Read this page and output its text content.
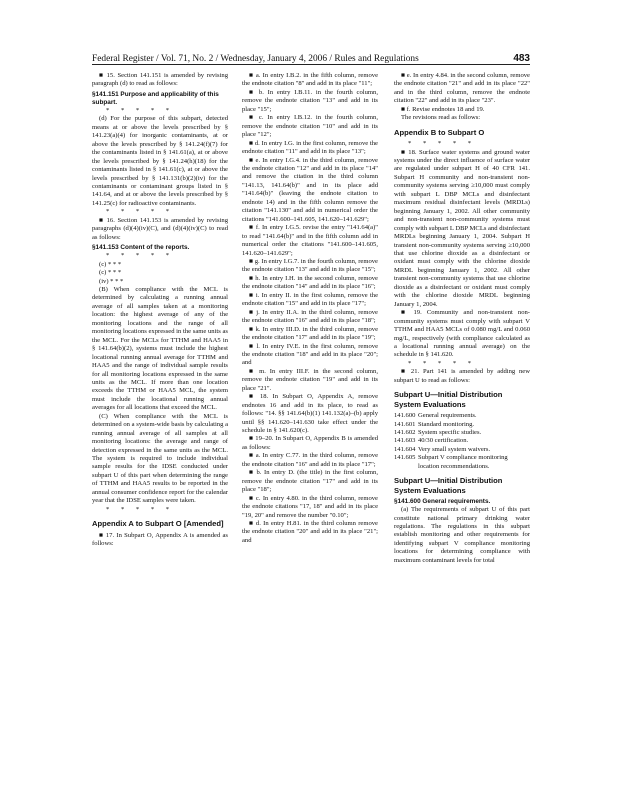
Federal Register / Vol. 71, No. 2 / Wednesday, January 4, 2006 / Rules and Regulations	483

■ 15. Section 141.151 is amended by revising paragraph (d) to read as follows:

§141.151 Purpose and applicability of this subpart.

* * * * *

(d) For the purpose of this subpart, detected means at or above the levels prescribed by § 141.23(a)(4) for inorganic contaminants, at or above the levels prescribed by § 141.24(f)(7) for the contaminants listed in § 141.61(a), at or above the levels prescribed by § 141.24(h)(18) for the contaminants listed in § 141.61(c), at or above the levels prescribed by § 141.131(b)(2)(iv) for the contaminants or contaminant groups listed in § 141.64, and at or above the levels prescribed by § 141.25(c) for radioactive contaminants.

* * * * *

■ 16. Section 141.153 is amended by revising paragraphs (d)(4)(iv)(C), and (d)(4)(iv)(C) to read as follows:

§141.153 Content of the reports.

* * * * *

(c) * * *

(c) * * *

(iv) * * *

(B) When compliance with the MCL is determined by calculating a running annual average of all samples taken at a monitoring location: the highest average of any of the monitoring locations and the range of all monitoring locations expressed in the same units as the MCL. For the MCLs for TTHM and HAA5 in § 141.64(b)(2), systems must include the highest locational running annual average for TTHM and HAA5 and the range of individual sample results for all monitoring locations expressed in the same units as the MCL. If more than one location exceeds the TTHM or HAA5 MCL, the system must include the locational running annual averages for all locations that exceed the MCL.

(C) When compliance with the MCL is determined on a system-wide basis by calculating a running annual average of all samples at all monitoring locations: the average and range of detection expressed in the same units as the MCL. The system is required to include individual sample results for the IDSE conducted under subpart U of this part when determining the range of TTHM and HAA5 results to be reported in the annual consumer confidence report for the calendar year that the IDSE samples were taken.

* * * * *

Appendix A to Subpart O [Amended]

■ 17. In Subpart O, Appendix A is amended as follows:

■ a. In entry I.B.2. in the fifth column, remove the endnote citation "8" and add in its place "11";

■ b. In entry I.B.11. in the fourth column, remove the endnote citation "13" and add in its place "15";

■ c. In entry I.B.12. in the fourth column, remove the endnote citation "10" and add in its place "12";

■ d. In entry I.G. in the first column, remove the endnote citation "11" and add in its place "13";

■ e. In entry I.G.4. in the third column, remove the endnote citation "12" and add in its place "14" and remove the citation in the third column "141.13, 141.64(b)" and in its place add "141.64(b)" (leaving the endnote citation to endnote 14) and in the fifth column remove the citation "141.130" and add in numerical order the citations "141.600–141.605, 141.620–141.629";

■ f. In entry I.G.5. revise the entry "141.64(a)" to read "141.64(b)" and in the fifth column add in numerical order the citations "141.600–141.605, 141.620–141.629";

■ g. In entry I.G.7. in the fourth column, remove the endnote citation "13" and add in its place "15";

■ h. In entry I.H. in the second column, remove the endnote citation "14" and add in its place "16";

■ i. In entry II. in the first column, remove the endnote citation "15" and add in its place "17";

■ j. In entry II.A. in the third column, remove the endnote citation "16" and add in its place "18";

■ k. In entry III.D. in the third column, remove the endnote citation "17" and add in its place "19";

■ l. In entry IV.E. in the first column, remove the endnote citation "18" and add in its place "20"; and

■ m. In entry III.F. in the second column, remove the endnote citation "19" and add in its place "21".

■ 18. In Subpart O, Appendix A, remove endnotes 16 and add in its place, to read as follows: "14. §§ 141.64(b)(1) 141.132(a)–(b) apply until §§ 141.620–141.630 take effect under the schedule in § 141.620(c).

■ 19–20. In Subpart O, Appendix B is amended as follows:

■ a. In entry C.77. in the third column, remove the endnote citation "16" and add in its place "17";

■ b. In entry D. (the title) in the first column, remove the endnote citation "17" and add in its place "18";

■ c. In entry 4.80. in the third column, remove the endnote citations "17, 18" and add in its place "19, 20" and remove the number "0.10";

■ d. In entry H.81. in the third column remove the endnote citation "20" and add in its place "21"; and

■ e. In entry 4.84. in the second column, remove the endnote citation "21" and add in its place "22" and in the third column, remove the endnote citation "22" and add in its place "23".

■ f. Revise endnotes 18 and 19.

The revisions read as follows:

Appendix B to Subpart O

* * * * *

■ 18. Surface water systems and ground water systems under the direct influence of surface water are regulated under subpart H of 40 CFR 141. Subpart H community and non-transient non-community systems serving ≥10,000 must comply with subpart L DBP MCLs and disinfectant maximum residual disinfectant levels (MRDLs) beginning January 1, 2002. All other community and non-transient non-community systems must comply with subpart L DBP MCLs and disinfectant MRDLs beginning January 1, 2004. Subpart H transient non-community systems serving ≥10,000 that use chlorine dioxide as a disinfectant or oxidant must comply with the chlorine dioxide MRDL beginning January 1, 2002. All other transient non-community systems that use chlorine dioxide as a disinfectant or oxidant must comply with the chlorine dioxide MRDL beginning January 1, 2004.

■ 19. Community and non-transient non-community systems must comply with subpart V TTHM and HAA5 MCLs of 0.080 mg/L and 0.060 mg/L, respectively (with compliance calculated as a locational running annual average) on the schedule in § 141.620.

* * * * *

■ 21. Part 141 is amended by adding new subpart U to read as follows:

Subpart U—Initial Distribution System Evaluations

141.600 General requirements.
141.601 Standard monitoring.
141.602 System specific studies.
141.603 40/30 certification.
141.604 Very small system waivers.
141.605 Subpart V compliance monitoring location recommendations.

Subpart U—Initial Distribution System Evaluations

§141.600 General requirements.

(a) The requirements of subpart U of this part constitute national primary drinking water regulations. The regulations in this subpart establish monitoring and other requirements for identifying subpart V compliance monitoring locations for determining compliance with maximum contaminant levels for total
